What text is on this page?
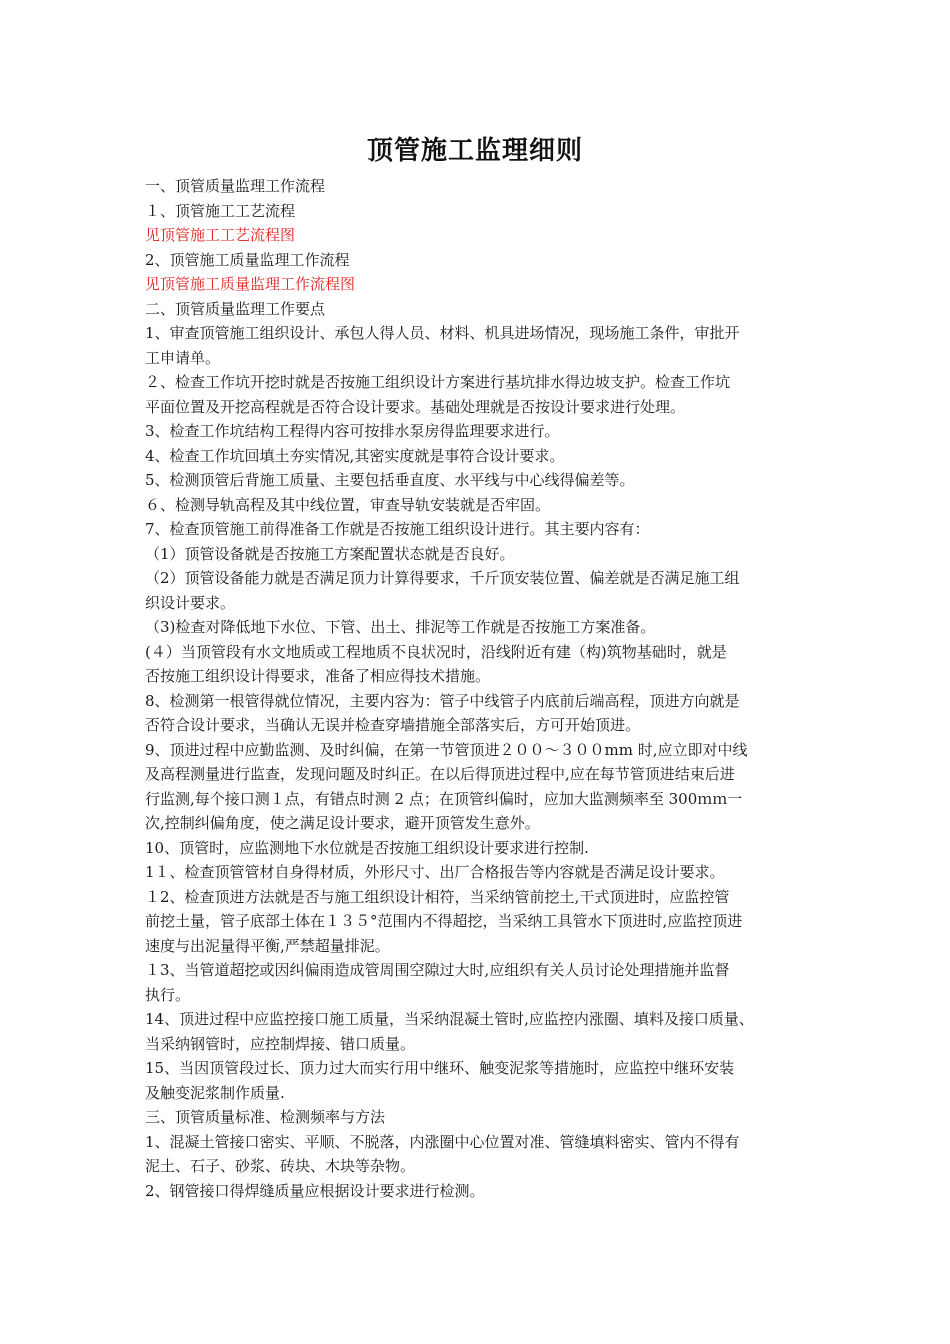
顶管施工监理细则
一、顶管质量监理工作流程
１、顶管施工工艺流程
见顶管施工工艺流程图
2、顶管施工质量监理工作流程
见顶管施工质量监理工作流程图
二、顶管质量监理工作要点
1、审查顶管施工组织设计、承包人得人员、材料、机具进场情况，现场施工条件，审批开
工申请单。
２、检查工作坑开挖时就是否按施工组织设计方案进行基坑排水得边坡支护。检查工作坑
平面位置及开挖高程就是否符合设计要求。基础处理就是否按设计要求进行处理。
3、检查工作坑结构工程得内容可按排水泵房得监理要求进行。
4、检查工作坑回填土夯实情况,其密实度就是事符合设计要求。
5、检测顶管后背施工质量、主要包括垂直度、水平线与中心线得偏差等。
６、检测导轨高程及其中线位置，审查导轨安装就是否牢固。
7、检查顶管施工前得准备工作就是否按施工组织设计进行。其主要内容有：
（1）顶管设备就是否按施工方案配置状态就是否良好。
（2）顶管设备能力就是否满足顶力计算得要求，千斤顶安装位置、偏差就是否满足施工组
织设计要求。
（3)检查对降低地下水位、下管、出土、排泥等工作就是否按施工方案准备。
(４）当顶管段有水文地质或工程地质不良状况时，沿线附近有建（构)筑物基础时，就是
否按施工组织设计得要求，准备了相应得技术措施。
8、检测第一根管得就位情况，主要内容为：管子中线管子内底前后端高程，顶进方向就是
否符合设计要求，当确认无误并检查穿墙措施全部落实后，方可开始顶进。
9、顶进过程中应勤监测、及时纠偏，在第一节管顶进２００～３００mm 时,应立即对中线
及高程测量进行监查，发现问题及时纠正。在以后得顶进过程中,应在每节管顶进结束后进
行监测,每个接口测１点，有错点时测 2 点；在顶管纠偏时，应加大监测频率至 300ｍｍ一
次,控制纠偏角度，使之满足设计要求，避开顶管发生意外。
10、顶管时，应监测地下水位就是否按施工组织设计要求进行控制.
1１、检查顶管管材自身得材质，外形尺寸、出厂合格报告等内容就是否满足设计要求。
１2、检查顶进方法就是否与施工组织设计相符，当采纳管前挖土,干式顶进时，应监控管
前挖土量，管子底部土体在１３５°范围内不得超挖，当采纳工具管水下顶进时,应监控顶进
速度与出泥量得平衡,严禁超量排泥。
１3、当管道超挖或因纠偏雨造成管周围空隙过大时,应组织有关人员讨论处理措施并监督
执行。
14、顶进过程中应监控接口施工质量，当采纳混凝土管时,应监控内涨圈、填料及接口质量、
当采纳钢管时，应控制焊接、错口质量。
15、当因顶管段过长、顶力过大而实行用中继环、触变泥浆等措施时，应监控中继环安装
及触变泥浆制作质量.
三、顶管质量标准、检测频率与方法
1、混凝土管接口密实、平顺、不脱落，内涨圈中心位置对准、管缝填料密实、管内不得有
泥土、石子、砂浆、砖块、木块等杂物。
2、钢管接口得焊缝质量应根据设计要求进行检测。
